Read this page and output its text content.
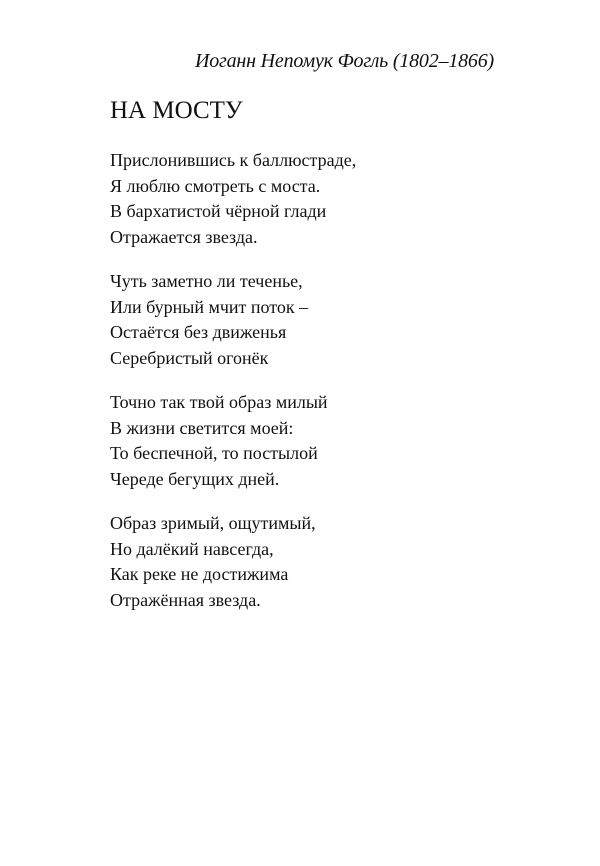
Иоганн Непомук Фогль (1802–1866)
НА МОСТУ
Прислонившись к баллюстраде,
Я люблю смотреть с моста.
В бархатистой чёрной глади
Отражается звезда.
Чуть заметно ли теченье,
Или бурный мчит поток –
Остаётся без движенья
Серебристый огонёк
Точно так твой образ милый
В жизни светится моей:
То беспечной, то постылой
Череде бегущих дней.
Образ зримый, ощутимый,
Но далёкий навсегда,
Как реке не достижима
Отражённая звезда.
